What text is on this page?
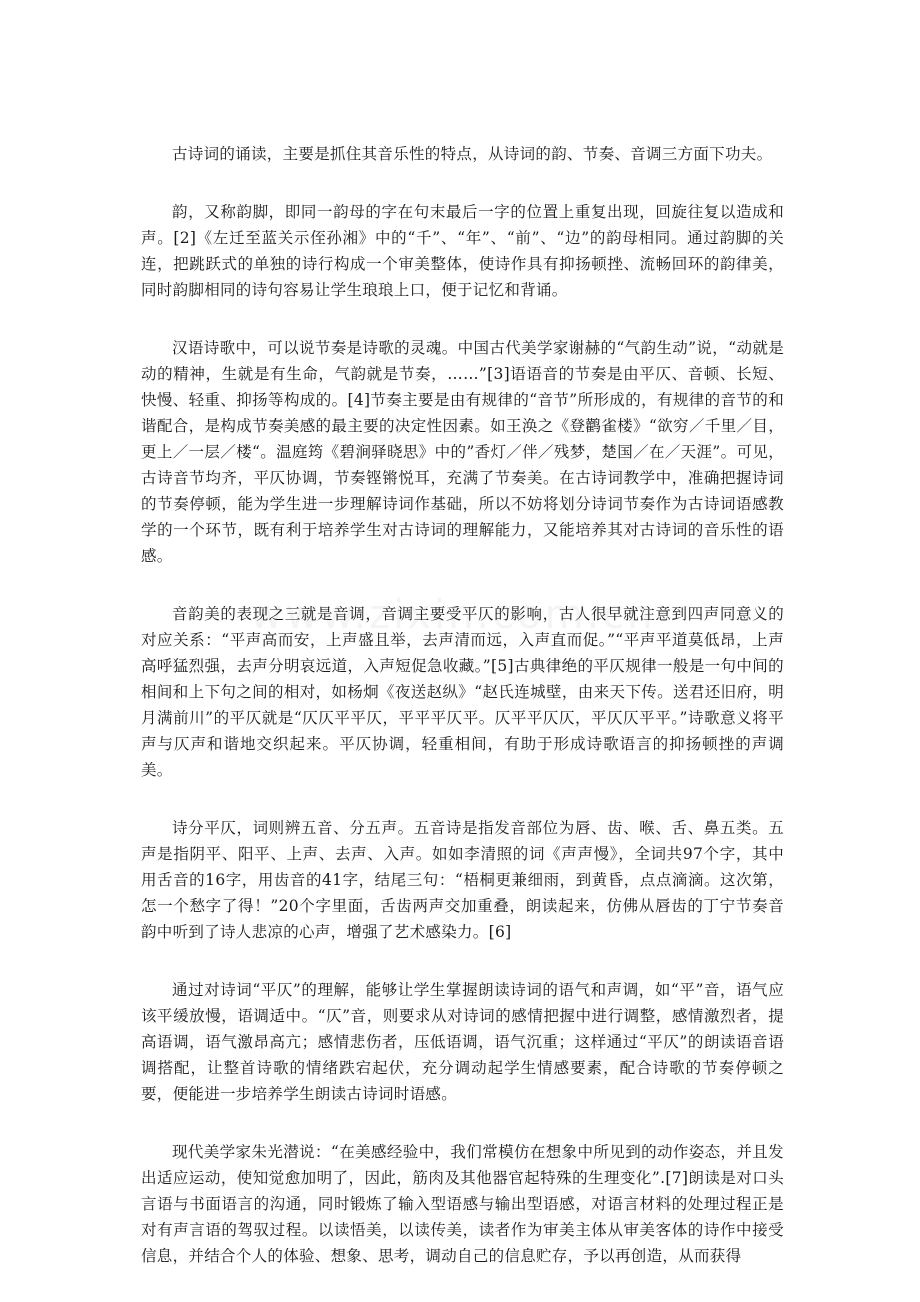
古诗词的诵读，主要是抓住其音乐性的特点，从诗词的韵、节奏、音调三方面下功夫。

韵，又称韵脚，即同一韵母的字在句末最后一字的位置上重复出现，回旋往复以造成和声。[2]《左迁至蓝关示侄孙湘》中的“千”、“年”、“前”、“边”的韵母相同。通过韵脚的关连，把跳跃式的单独的诗行构成一个审美整体，使诗作具有抑扬顿挫、流畅回环的韵律美，同时韵脚相同的诗句容易让学生琅琅上口，便于记忆和背诵。

汉语诗歌中，可以说节奏是诗歌的灵魂。中国古代美学家谢赫的“气韵生动”说，“动就是动的精神，生就是有生命，气韵就是节奏，……”[3]语语音的节奏是由平仄、音顿、长短、快慢、轻重、抑扬等构成的。[4]节奏主要是由有规律的“音节”所形成的，有规律的音节的和谐配合，是构成节奏美感的最主要的决定性因素。如王涣之《登鹳雀楼》“欲穷／千里／目，更上／一层／楼“。温庭筠《碧涧驿晓思》中的”香灯／伴／残梦，楚国／在／天涯”。可见，古诗音节均齐，平仄协调，节奏铿锵悦耳，充满了节奏美。在古诗词教学中，准确把握诗词的节奏停顿，能为学生进一步理解诗词作基础，所以不妨将划分诗词节奏作为古诗词语感教学的一个环节，既有利于培养学生对古诗词的理解能力，又能培养其对古诗词的音乐性的语感。

音韵美的表现之三就是音调，音调主要受平仄的影响，古人很早就注意到四声同意义的对应关系：“平声高而安，上声盛且举，去声清而远，入声直而促。”“平声平道莫低昂，上声高呼猛烈强，去声分明哀远道，入声短促急收藏。”[5]古典律绝的平仄规律一般是一句中间的相间和上下句之间的相对，如杨炯《夜送赵纵》“赵氏连城壁，由来天下传。送君还旧府，明月满前川”的平仄就是“仄仄平平仄，平平平仄平。仄平平仄仄，平仄仄平平。”诗歌意义将平声与仄声和谐地交织起来。平仄协调，轻重相间，有助于形成诗歌语言的抑扬顿挫的声调美。

诗分平仄，词则辨五音、分五声。五音诗是指发音部位为唇、齿、喉、舌、鼻五类。五声是指阴平、阳平、上声、去声、入声。如如李清照的词《声声慢》，全词共97个字，其中用舌音的16字，用齿音的41字，结尾三句：“梧桐更兼细雨，到黄昏，点点滴滴。这次第，怎一个愁字了得！”20个字里面，舌齿两声交加重叠，朗读起来，仿佛从唇齿的丁宁节奏音韵中听到了诗人悲凉的心声，增强了艺术感染力。[6]

通过对诗词“平仄”的理解，能够让学生掌握朗读诗词的语气和声调，如“平”音，语气应该平缓放慢，语调适中。“仄”音，则要求从对诗词的感情把握中进行调整，感情激烈者，提高语调，语气激昂高亢；感情悲伤者，压低语调，语气沉重；这样通过“平仄”的朗读语音语调搭配，让整首诗歌的情绪跌宕起伏，充分调动起学生情感要素，配合诗歌的节奏停顿之要，便能进一步培养学生朗读古诗词时语感。

现代美学家朱光潜说：“在美感经验中，我们常模仿在想象中所见到的动作姿态，并且发出适应运动，使知觉愈加明了，因此，筋肉及其他器官起特殊的生理变化”.[7]朗读是对口头言语与书面语言的沟通，同时锻炼了输入型语感与输出型语感，对语言材料的处理过程正是对有声言语的驾驭过程。以读悟美，以读传美，读者作为审美主体从审美客体的诗作中接受信息，并结合个人的体验、想象、思考，调动自己的信息贮存，予以再创造，从而获得
